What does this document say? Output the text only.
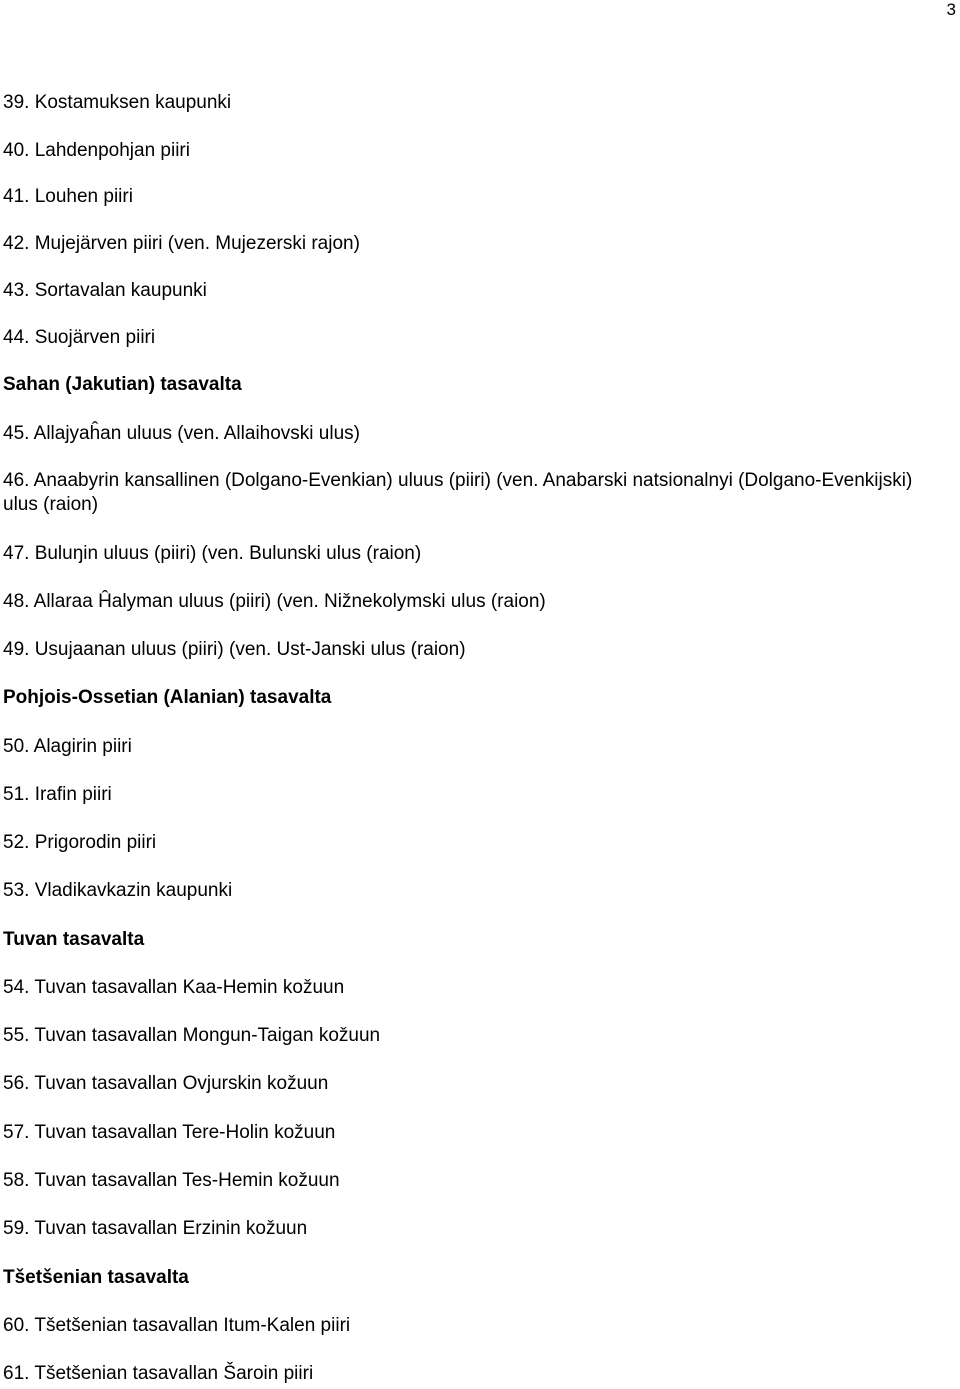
3
39. Kostamuksen kaupunki
40. Lahdenpohjan piiri
41. Louhen piiri
42. Mujejärven piiri (ven. Mujezerski rajon)
43. Sortavalan kaupunki
44. Suojärven piiri
Sahan (Jakutian) tasavalta
45. Allajyaĥan uluus (ven. Allaihovski ulus)
46. Anaabyrin kansallinen (Dolgano-Evenkian) uluus (piiri) (ven. Anabarski natsionalnyi (Dolgano-Evenkijski) ulus (raion)
47. Buluŋin uluus (piiri) (ven. Bulunski ulus (raion)
48. Allaraa Ĥalyman uluus (piiri) (ven. Nižnekolymski ulus (raion)
49. Usujaanan uluus (piiri) (ven. Ust-Janski ulus (raion)
Pohjois-Ossetian (Alanian) tasavalta
50. Alagirin piiri
51. Irafin piiri
52. Prigorodin piiri
53. Vladikavkazin kaupunki
Tuvan tasavalta
54. Tuvan tasavallan Kaa-Hemin kožuun
55. Tuvan tasavallan Mongun-Taigan kožuun
56. Tuvan tasavallan Ovjurskin kožuun
57. Tuvan tasavallan Tere-Holin kožuun
58. Tuvan tasavallan Tes-Hemin kožuun
59. Tuvan tasavallan Erzinin kožuun
Tšetšenian tasavalta
60. Tšetšenian tasavallan Itum-Kalen piiri
61. Tšetšenian tasavallan Šaroin piiri
